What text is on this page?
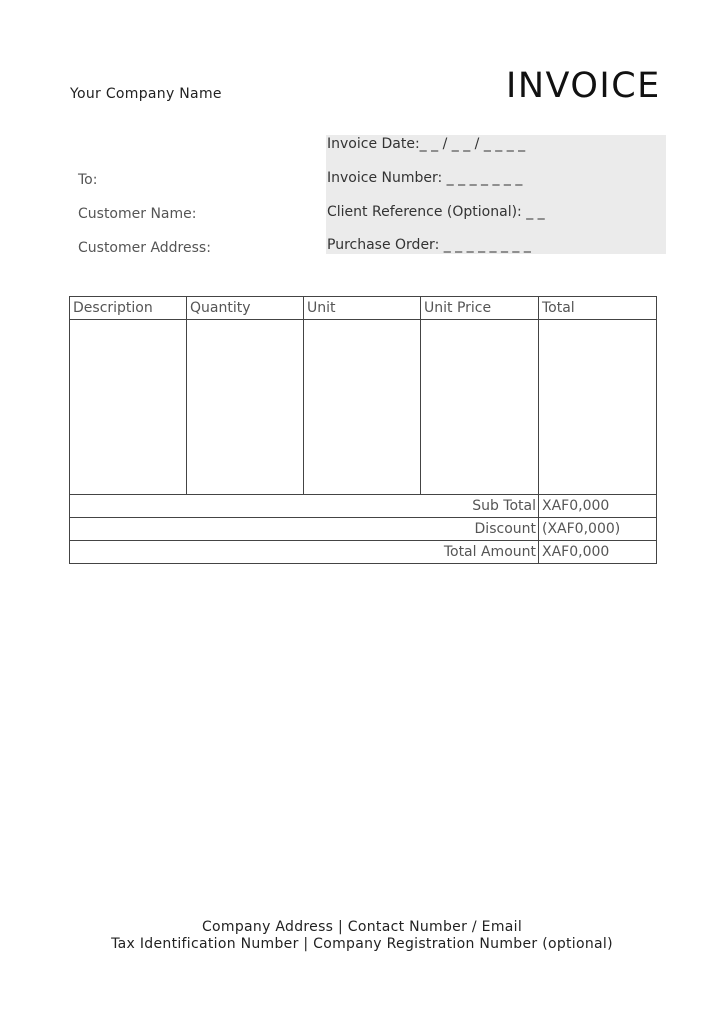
Your Company Name	INVOICE
To:
Customer Name:
Customer Address:
Invoice Date:_ _ / _ _ / _ _ _ _
Invoice Number: _ _ _ _ _ _ _
Client Reference (Optional): _ _
Purchase Order: _ _ _ _ _ _ _ _
Description	Quantity	Unit	Unit Price	Total

Sub Total				XAF0,000
Discount				(XAF0,000)
Total Amount				XAF0,000
Company Address | Contact Number / Email
Tax Identification Number | Company Registration Number (optional)
